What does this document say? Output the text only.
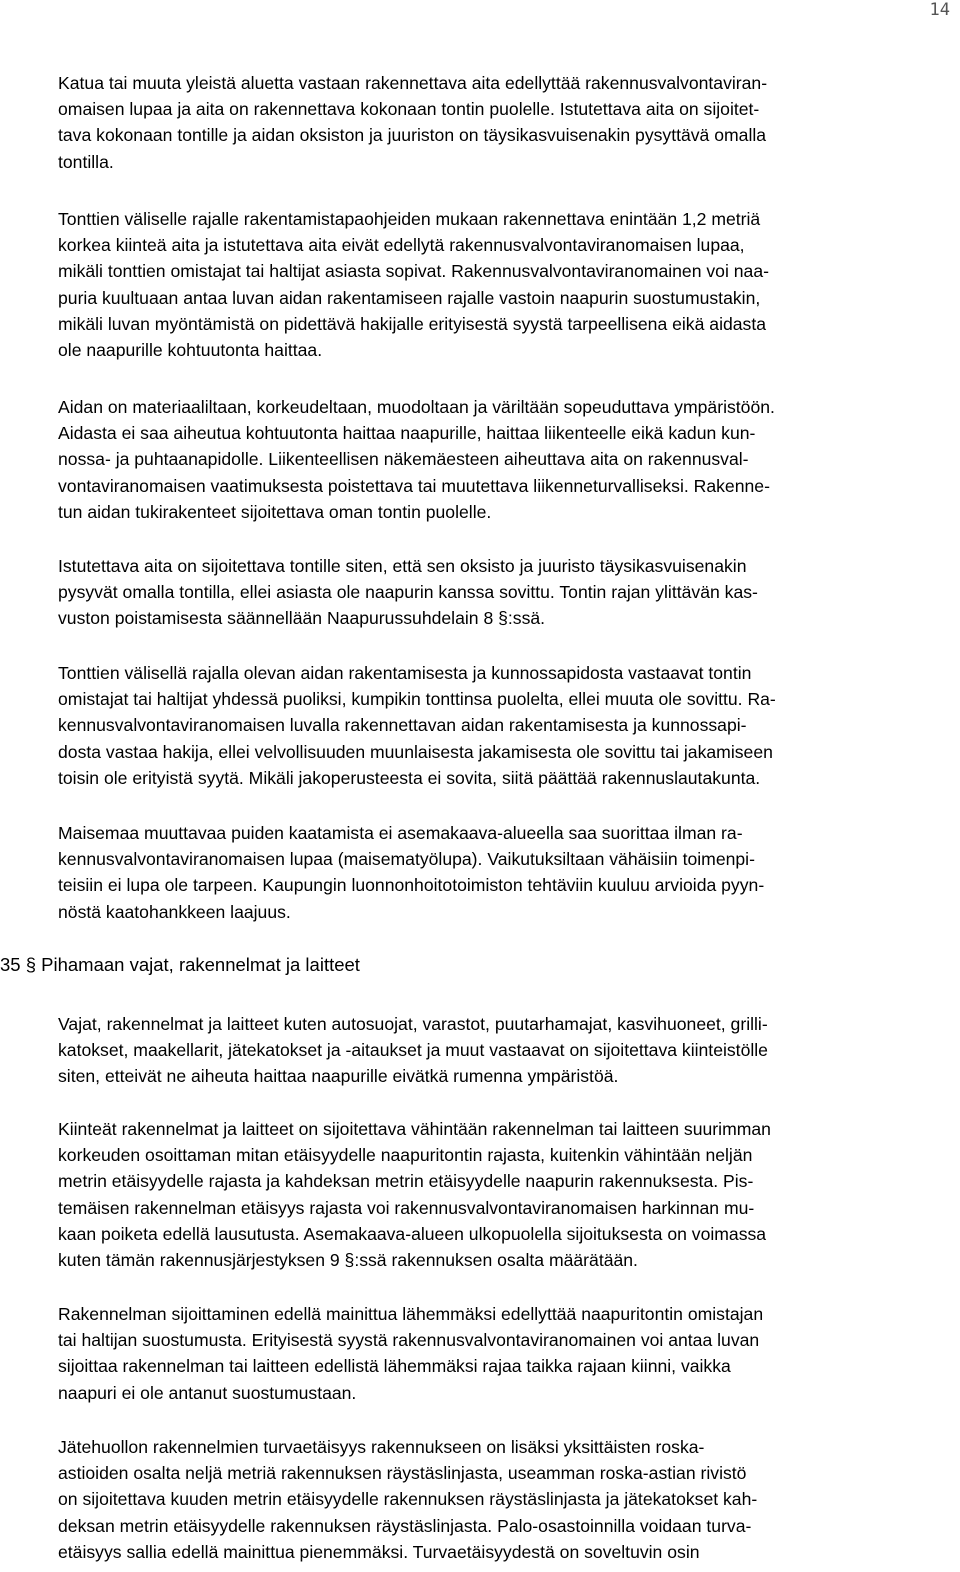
14
Katua tai muuta yleistä aluetta vastaan rakennettava aita edellyttää rakennusvalvontaviran-
omaisen lupaa ja aita on rakennettava kokonaan tontin puolelle. Istutettava aita on sijoitet-
tava kokonaan tontille ja aidan oksiston ja juuriston on täysikasvuisenakin pysyttävä omalla
tontilla.
Tonttien väliselle rajalle rakentamistapaohjeiden mukaan rakennettava enintään 1,2 metriä
korkea kiinteä aita ja istutettava aita eivät edellytä rakennusvalvontaviranomaisen lupaa,
mikäli tonttien omistajat tai haltijat asiasta sopivat. Rakennusvalvontaviranomainen voi naa-
puria kuultuaan antaa luvan aidan rakentamiseen rajalle vastoin naapurin suostumustakin,
mikäli luvan myöntämistä on pidettävä hakijalle erityisestä syystä tarpeellisena eikä aidasta
ole naapurille kohtuutonta haittaa.
Aidan on materiaaliltaan, korkeudeltaan, muodoltaan ja väriltään sopeuduttava ympäristöön.
Aidasta ei saa aiheutua kohtuutonta haittaa naapurille, haittaa liikenteelle eikä kadun kun-
nossa- ja puhtaanapidolle. Liikenteellisen näkemäesteen aiheuttava aita on rakennusval-
vontaviranomaisen vaatimuksesta poistettava tai muutettava liikenneturvalliseksi. Rakenne-
tun aidan tukirakenteet sijoitettava oman tontin puolelle.
Istutettava aita on sijoitettava tontille siten, että sen oksisto ja juuristo täysikasvuisenakin
pysyvät omalla tontilla, ellei asiasta ole naapurin kanssa sovittu. Tontin rajan ylittävän kas-
vuston poistamisesta säännellään Naapurussuhdelain 8 §:ssä.
Tonttien välisellä rajalla olevan aidan rakentamisesta ja kunnossapidosta vastaavat tontin
omistajat tai haltijat yhdessä puoliksi, kumpikin tonttinsa puolelta, ellei muuta ole sovittu. Ra-
kennusvalvontaviranomaisen luvalla rakennettavan aidan rakentamisesta ja kunnossapi-
dosta vastaa hakija, ellei velvollisuuden muunlaisesta jakamisesta ole sovittu tai jakamiseen
toisin ole erityistä syytä. Mikäli jakoperusteesta ei sovita, siitä päättää rakennuslautakunta.
Maisemaa muuttavaa puiden kaatamista ei asemakaava-alueella saa suorittaa ilman ra-
kennusvalvontaviranomaisen lupaa (maisematyölupa). Vaikutuksiltaan vähäisiin toimenpi-
teisiin ei lupa ole tarpeen. Kaupungin luonnonhoitotoimiston tehtäviin kuuluu arvioida pyyn-
nöstä kaatohankkeen laajuus.
35 § Pihamaan vajat, rakennelmat ja laitteet
Vajat, rakennelmat ja laitteet kuten autosuojat, varastot, puutarhamajat, kasvihuoneet, grilli-
katokset, maakellarit, jätekatokset ja -aitaukset ja muut vastaavat on sijoitettava kiinteistölle
siten, etteivät ne aiheuta haittaa naapurille eivätkä rumenna ympäristöä.
Kiinteät rakennelmat ja laitteet on sijoitettava vähintään rakennelman tai laitteen suurimman
korkeuden osoittaman mitan etäisyydelle naapuritontin rajasta, kuitenkin vähintään neljän
metrin etäisyydelle rajasta ja kahdeksan metrin etäisyydelle naapurin rakennuksesta. Pis-
temäisen rakennelman etäisyys rajasta voi rakennusvalvontaviranomaisen harkinnan mu-
kaan poiketa edellä lausutusta. Asemakaava-alueen ulkopuolella sijoituksesta on voimassa
kuten tämän rakennusjärjestyksen 9 §:ssä rakennuksen osalta määrätään.
Rakennelman sijoittaminen edellä mainittua lähemmäksi edellyttää naapuritontin omistajan
tai haltijan suostumusta. Erityisestä syystä rakennusvalvontaviranomainen voi antaa luvan
sijoittaa rakennelman tai laitteen edellistä lähemmäksi rajaa taikka rajaan kiinni, vaikka
naapuri ei ole antanut suostumustaan.
Jätehuollon rakennelmien turvaetäisyys rakennukseen on lisäksi yksittäisten roska-
astioiden osalta neljä metriä rakennuksen räystäslinjasta, useamman roska-astian rivistö
on sijoitettava kuuden metrin etäisyydelle rakennuksen räystäslinjasta ja jätekatokset kah-
deksan metrin etäisyydelle rakennuksen räystäslinjasta. Palo-osastoinnilla voidaan turva-
etäisyys sallia edellä mainittua pienemmäksi. Turvaetäisyydestä on soveltuvin osin
